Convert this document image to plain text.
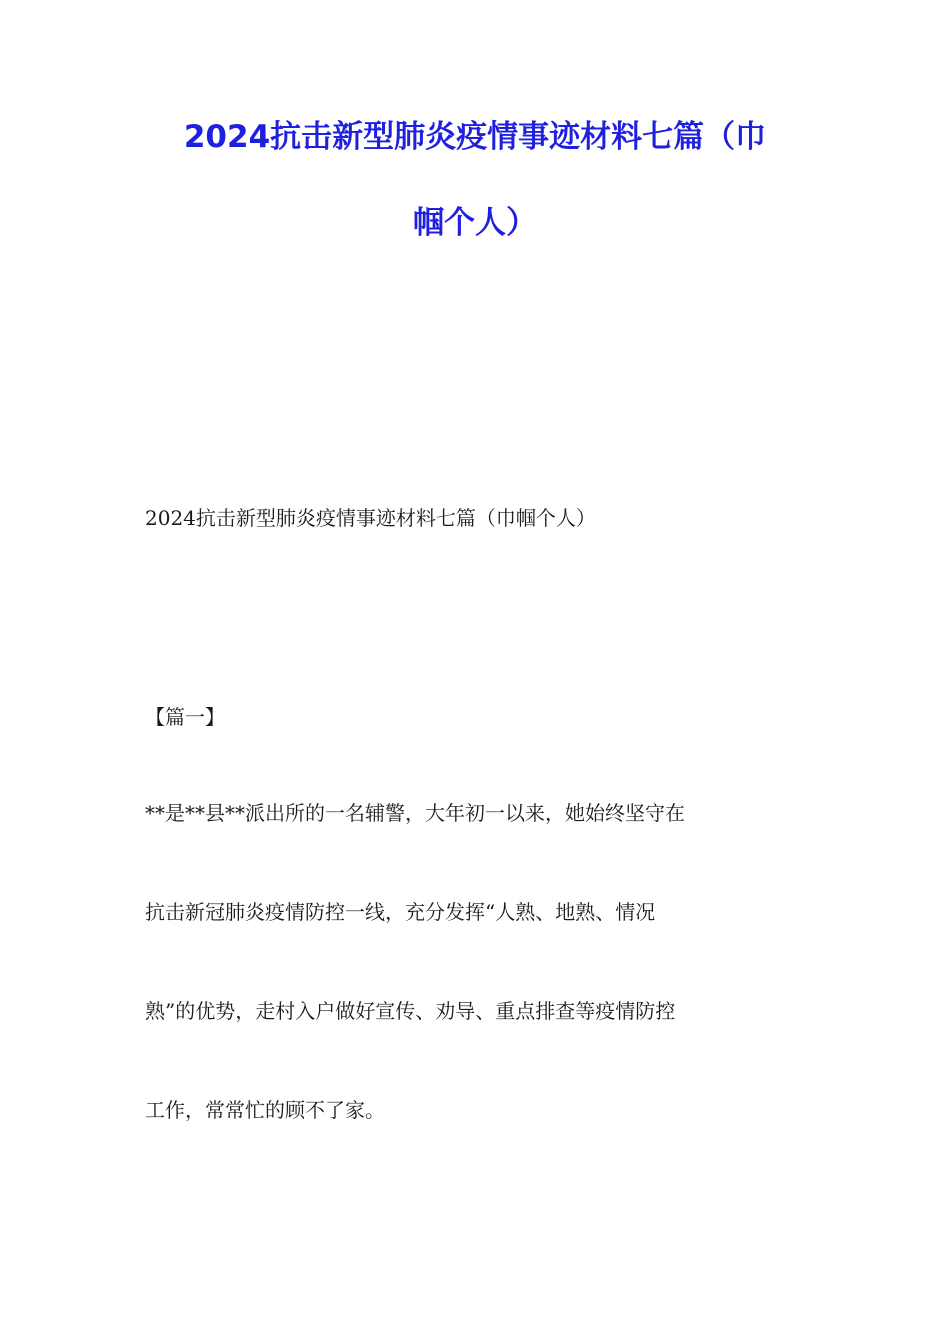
2024抗击新型肺炎疫情事迹材料七篇（巾
帼个人）
2024抗击新型肺炎疫情事迹材料七篇（巾帼个人）
【篇一】
**是**县**派出所的一名辅警，大年初一以来，她始终坚守在
抗击新冠肺炎疫情防控一线，充分发挥“人熟、地熟、情况
熟”的优势，走村入户做好宣传、劝导、重点排查等疫情防控
工作，常常忙的顾不了家。
